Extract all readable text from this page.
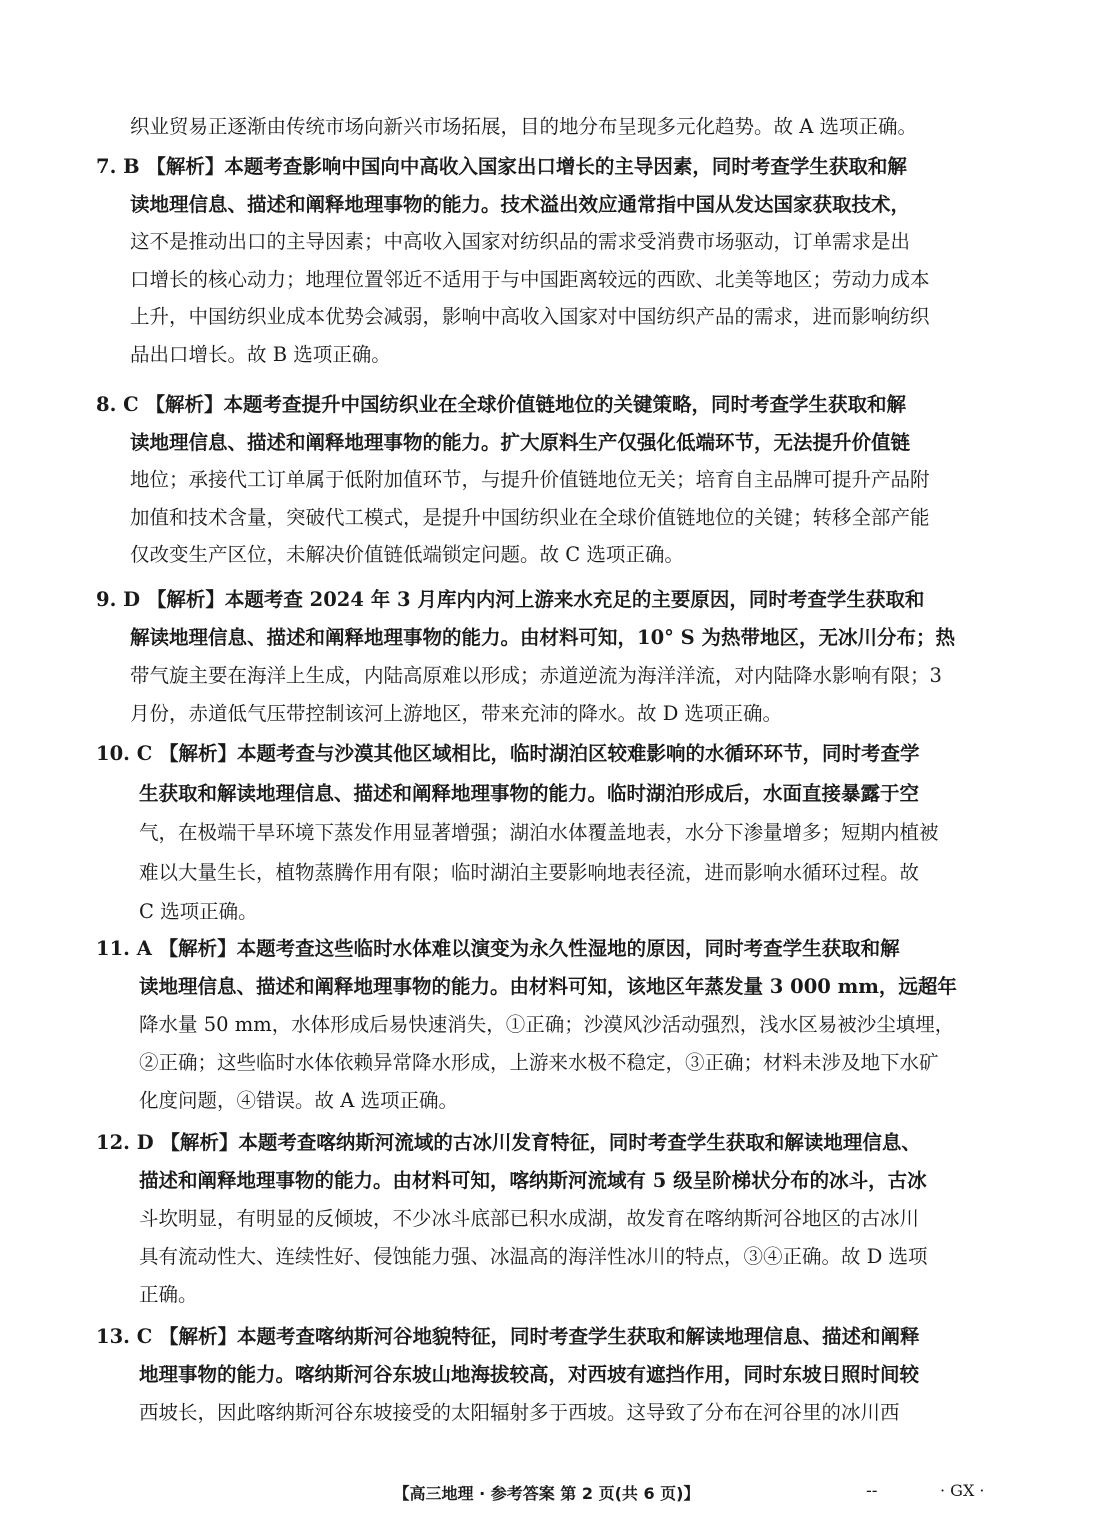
织业贸易正逐渐由传统市场向新兴市场拓展，目的地分布呈现多元化趋势。故 A 选项正确。
7. B 【解析】本题考查影响中国向中高收入国家出口增长的主导因素，同时考查学生获取和解
读地理信息、描述和阐释地理事物的能力。技术溢出效应通常指中国从发达国家获取技术，
这不是推动出口的主导因素；中高收入国家对纺织品的需求受消费市场驱动，订单需求是出
口增长的核心动力；地理位置邻近不适用于与中国距离较远的西欧、北美等地区；劳动力成本
上升，中国纺织业成本优势会减弱，影响中高收入国家对中国纺织产品的需求，进而影响纺织
品出口增长。故 B 选项正确。
8. C 【解析】本题考查提升中国纺织业在全球价值链地位的关键策略，同时考查学生获取和解
读地理信息、描述和阐释地理事物的能力。扩大原料生产仅强化低端环节，无法提升价值链
地位；承接代工订单属于低附加值环节，与提升价值链地位无关；培育自主品牌可提升产品附
加值和技术含量，突破代工模式，是提升中国纺织业在全球价值链地位的关键；转移全部产能
仅改变生产区位，未解决价值链低端锁定问题。故 C 选项正确。
9. D 【解析】本题考查 2024 年 3 月库内内河上游来水充足的主要原因，同时考查学生获取和
解读地理信息、描述和阐释地理事物的能力。由材料可知，10° S 为热带地区，无冰川分布；热
带气旋主要在海洋上生成，内陆高原难以形成；赤道逆流为海洋洋流，对内陆降水影响有限；3
月份，赤道低气压带控制该河上游地区，带来充沛的降水。故 D 选项正确。
10. C 【解析】本题考查与沙漠其他区域相比，临时湖泊区较难影响的水循环环节，同时考查学
生获取和解读地理信息、描述和阐释地理事物的能力。临时湖泊形成后，水面直接暴露于空
气，在极端干旱环境下蒸发作用显著增强；湖泊水体覆盖地表，水分下渗量增多；短期内植被
难以大量生长，植物蒸腾作用有限；临时湖泊主要影响地表径流，进而影响水循环过程。故
C 选项正确。
11. A 【解析】本题考查这些临时水体难以演变为永久性湿地的原因，同时考查学生获取和解
读地理信息、描述和阐释地理事物的能力。由材料可知，该地区年蒸发量 3 000 mm，远超年
降水量 50 mm，水体形成后易快速消失，①正确；沙漠风沙活动强烈，浅水区易被沙尘填埋，
②正确；这些临时水体依赖异常降水形成，上游来水极不稳定，③正确；材料未涉及地下水矿
化度问题，④错误。故 A 选项正确。
12. D 【解析】本题考查喀纳斯河流域的古冰川发育特征，同时考查学生获取和解读地理信息、
描述和阐释地理事物的能力。由材料可知，喀纳斯河流域有 5 级呈阶梯状分布的冰斗，古冰
斗坎明显，有明显的反倾坡，不少冰斗底部已积水成湖，故发育在喀纳斯河谷地区的古冰川
具有流动性大、连续性好、侵蚀能力强、冰温高的海洋性冰川的特点，③④正确。故 D 选项
正确。
13. C 【解析】本题考查喀纳斯河谷地貌特征，同时考查学生获取和解读地理信息、描述和阐释
地理事物的能力。喀纳斯河谷东坡山地海拔较高，对西坡有遮挡作用，同时东坡日照时间较
西坡长，因此喀纳斯河谷东坡接受的太阳辐射多于西坡。这导致了分布在河谷里的冰川西
【高三地理 · 参考答案 第 2 页(共 6 页)】	--	· GX ·
